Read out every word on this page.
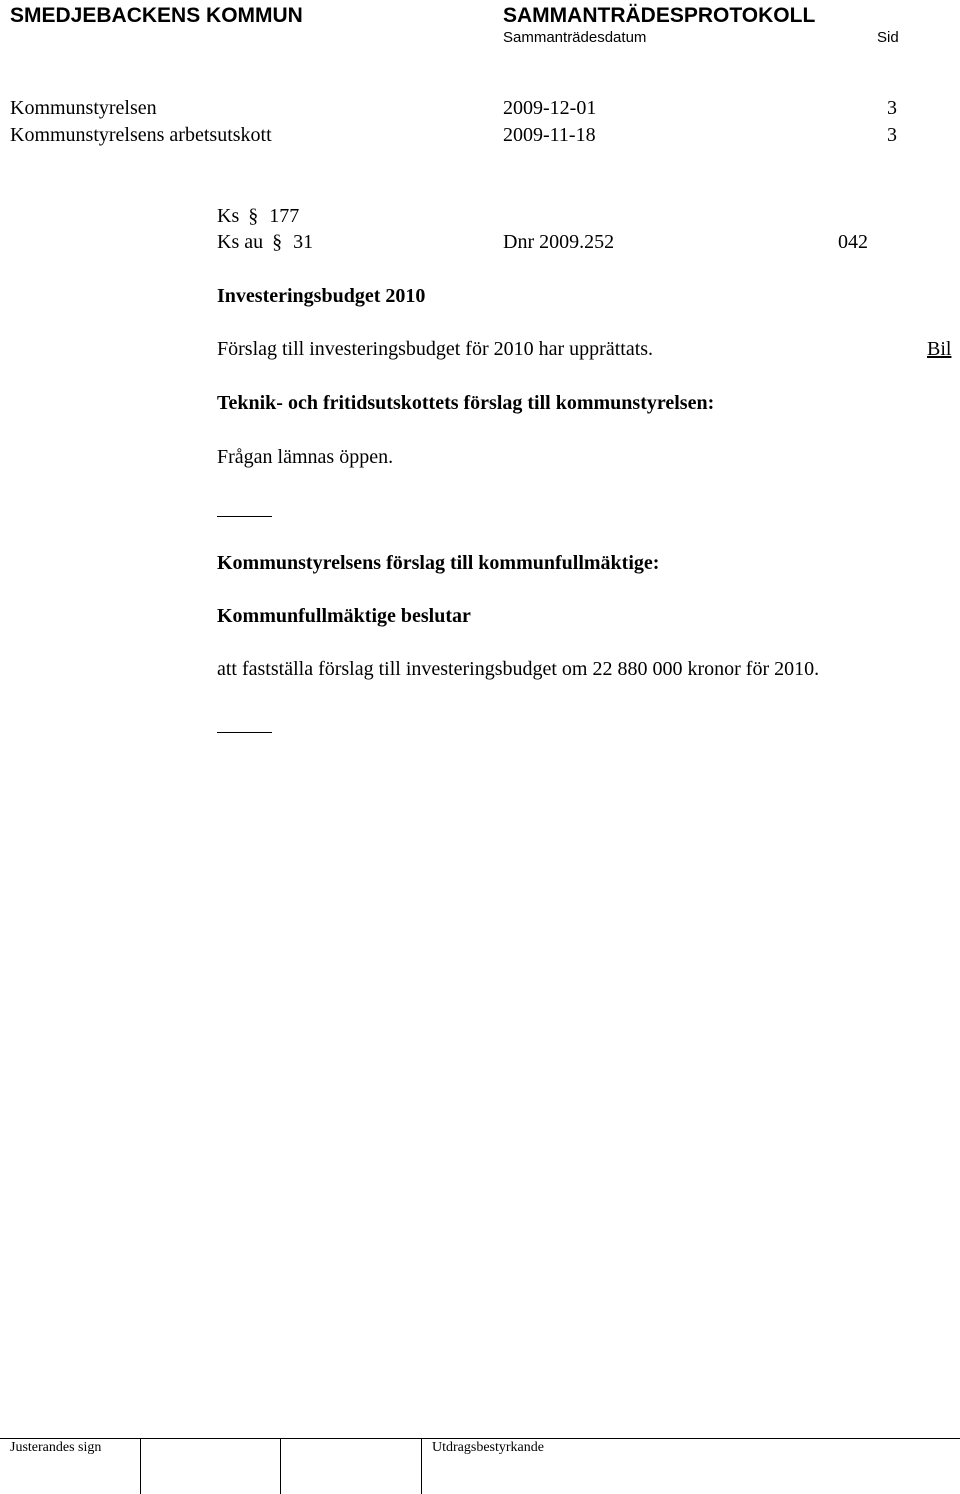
SMEDJEBACKENS KOMMUN	SAMMANTRÄDESPROTOKOLL
Sammanträdesdatum	Sid
Kommunstyrelsen	2009-12-01	3
Kommunstyrelsens arbetsutskott	2009-11-18	3
Ks § 177
Ks au § 31	Dnr 2009.252	042
Investeringsbudget 2010
Förslag till investeringsbudget för 2010 har upprättats.	Bil
Teknik- och fritidsutskottets förslag till kommunstyrelsen:
Frågan lämnas öppen.
Kommunstyrelsens förslag till kommunfullmäktige:
Kommunfullmäktige beslutar
att fastställa förslag till investeringsbudget om 22 880 000 kronor för 2010.
Justerandes sign	Utdragsbestyrkande
